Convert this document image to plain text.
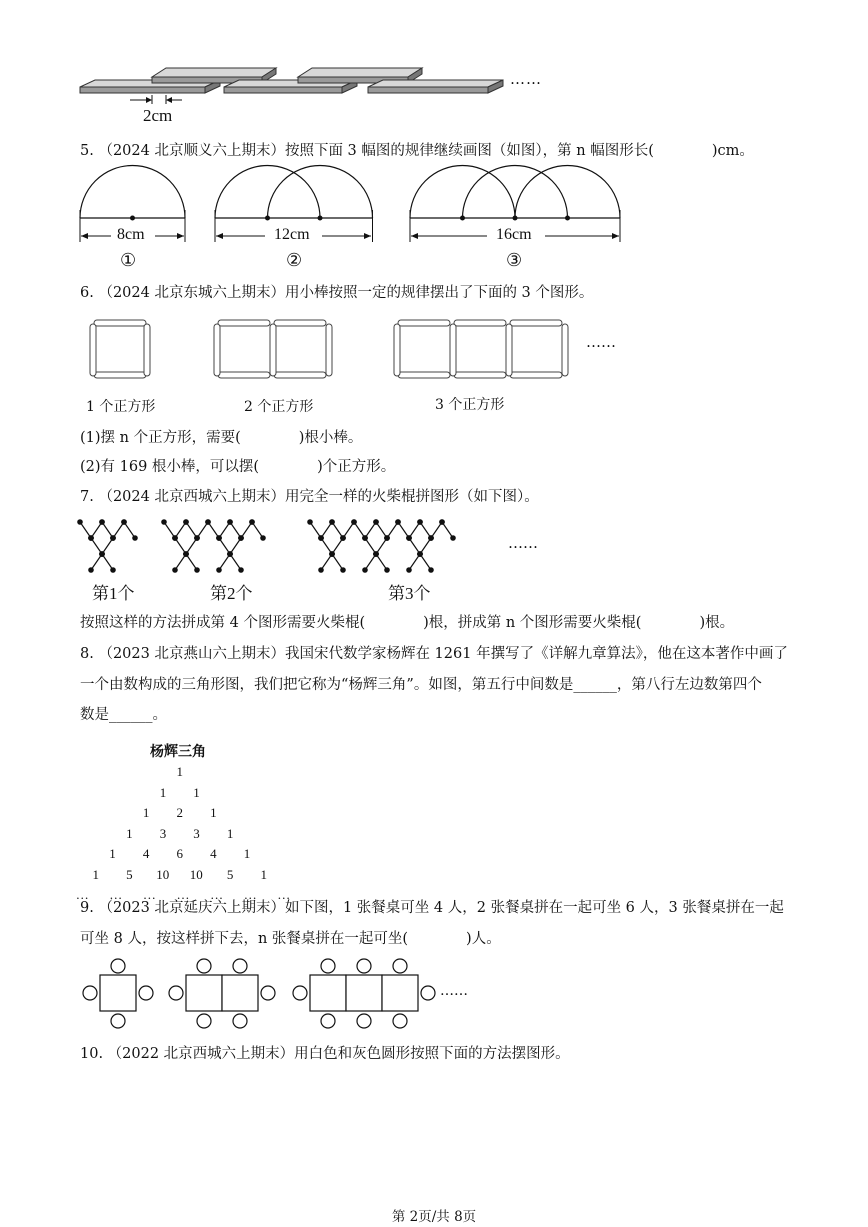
2cm
……
5. （2024 北京顺义六上期末）按照下面 3 幅图的规律继续画图（如图），第 n 幅图形长(　　　　)cm。
8cm
①
12cm
②
16cm
③
6. （2024 北京东城六上期末）用小棒按照一定的规律摆出了下面的 3 个图形。
1 个正方形	2 个正方形	3 个正方形
……
(1)摆 n 个正方形，需要(　　　　)根小棒。
(2)有 169 根小棒，可以摆(　　　　)个正方形。
7. （2024 北京西城六上期末）用完全一样的火柴棍拼图形（如下图）。
第1个	第2个	第3个
……
按照这样的方法拼成第 4 个图形需要火柴棍(　　　　)根，拼成第 n 个图形需要火柴棍(　　　　)根。
8. （2023 北京燕山六上期末）我国宋代数学家杨辉在 1261 年撰写了《详解九章算法》，他在这本著作中画了
一个由数构成的三角形图，我们把它称为“杨辉三角”。如图，第五行中间数是______，第八行左边数第四个
数是______。
杨辉三角
1
1 1
1 2 1
1 3 3 1
1 4 6 4 1
1 5 10 10 5 1
… … … … … … …
9. （2023 北京延庆六上期末）如下图，1 张餐桌可坐 4 人，2 张餐桌拼在一起可坐 6 人，3 张餐桌拼在一起
可坐 8 人，按这样拼下去，n 张餐桌拼在一起可坐(　　　　)人。
……
10. （2022 北京西城六上期末）用白色和灰色圆形按照下面的方法摆图形。
第 2页/共 8页
